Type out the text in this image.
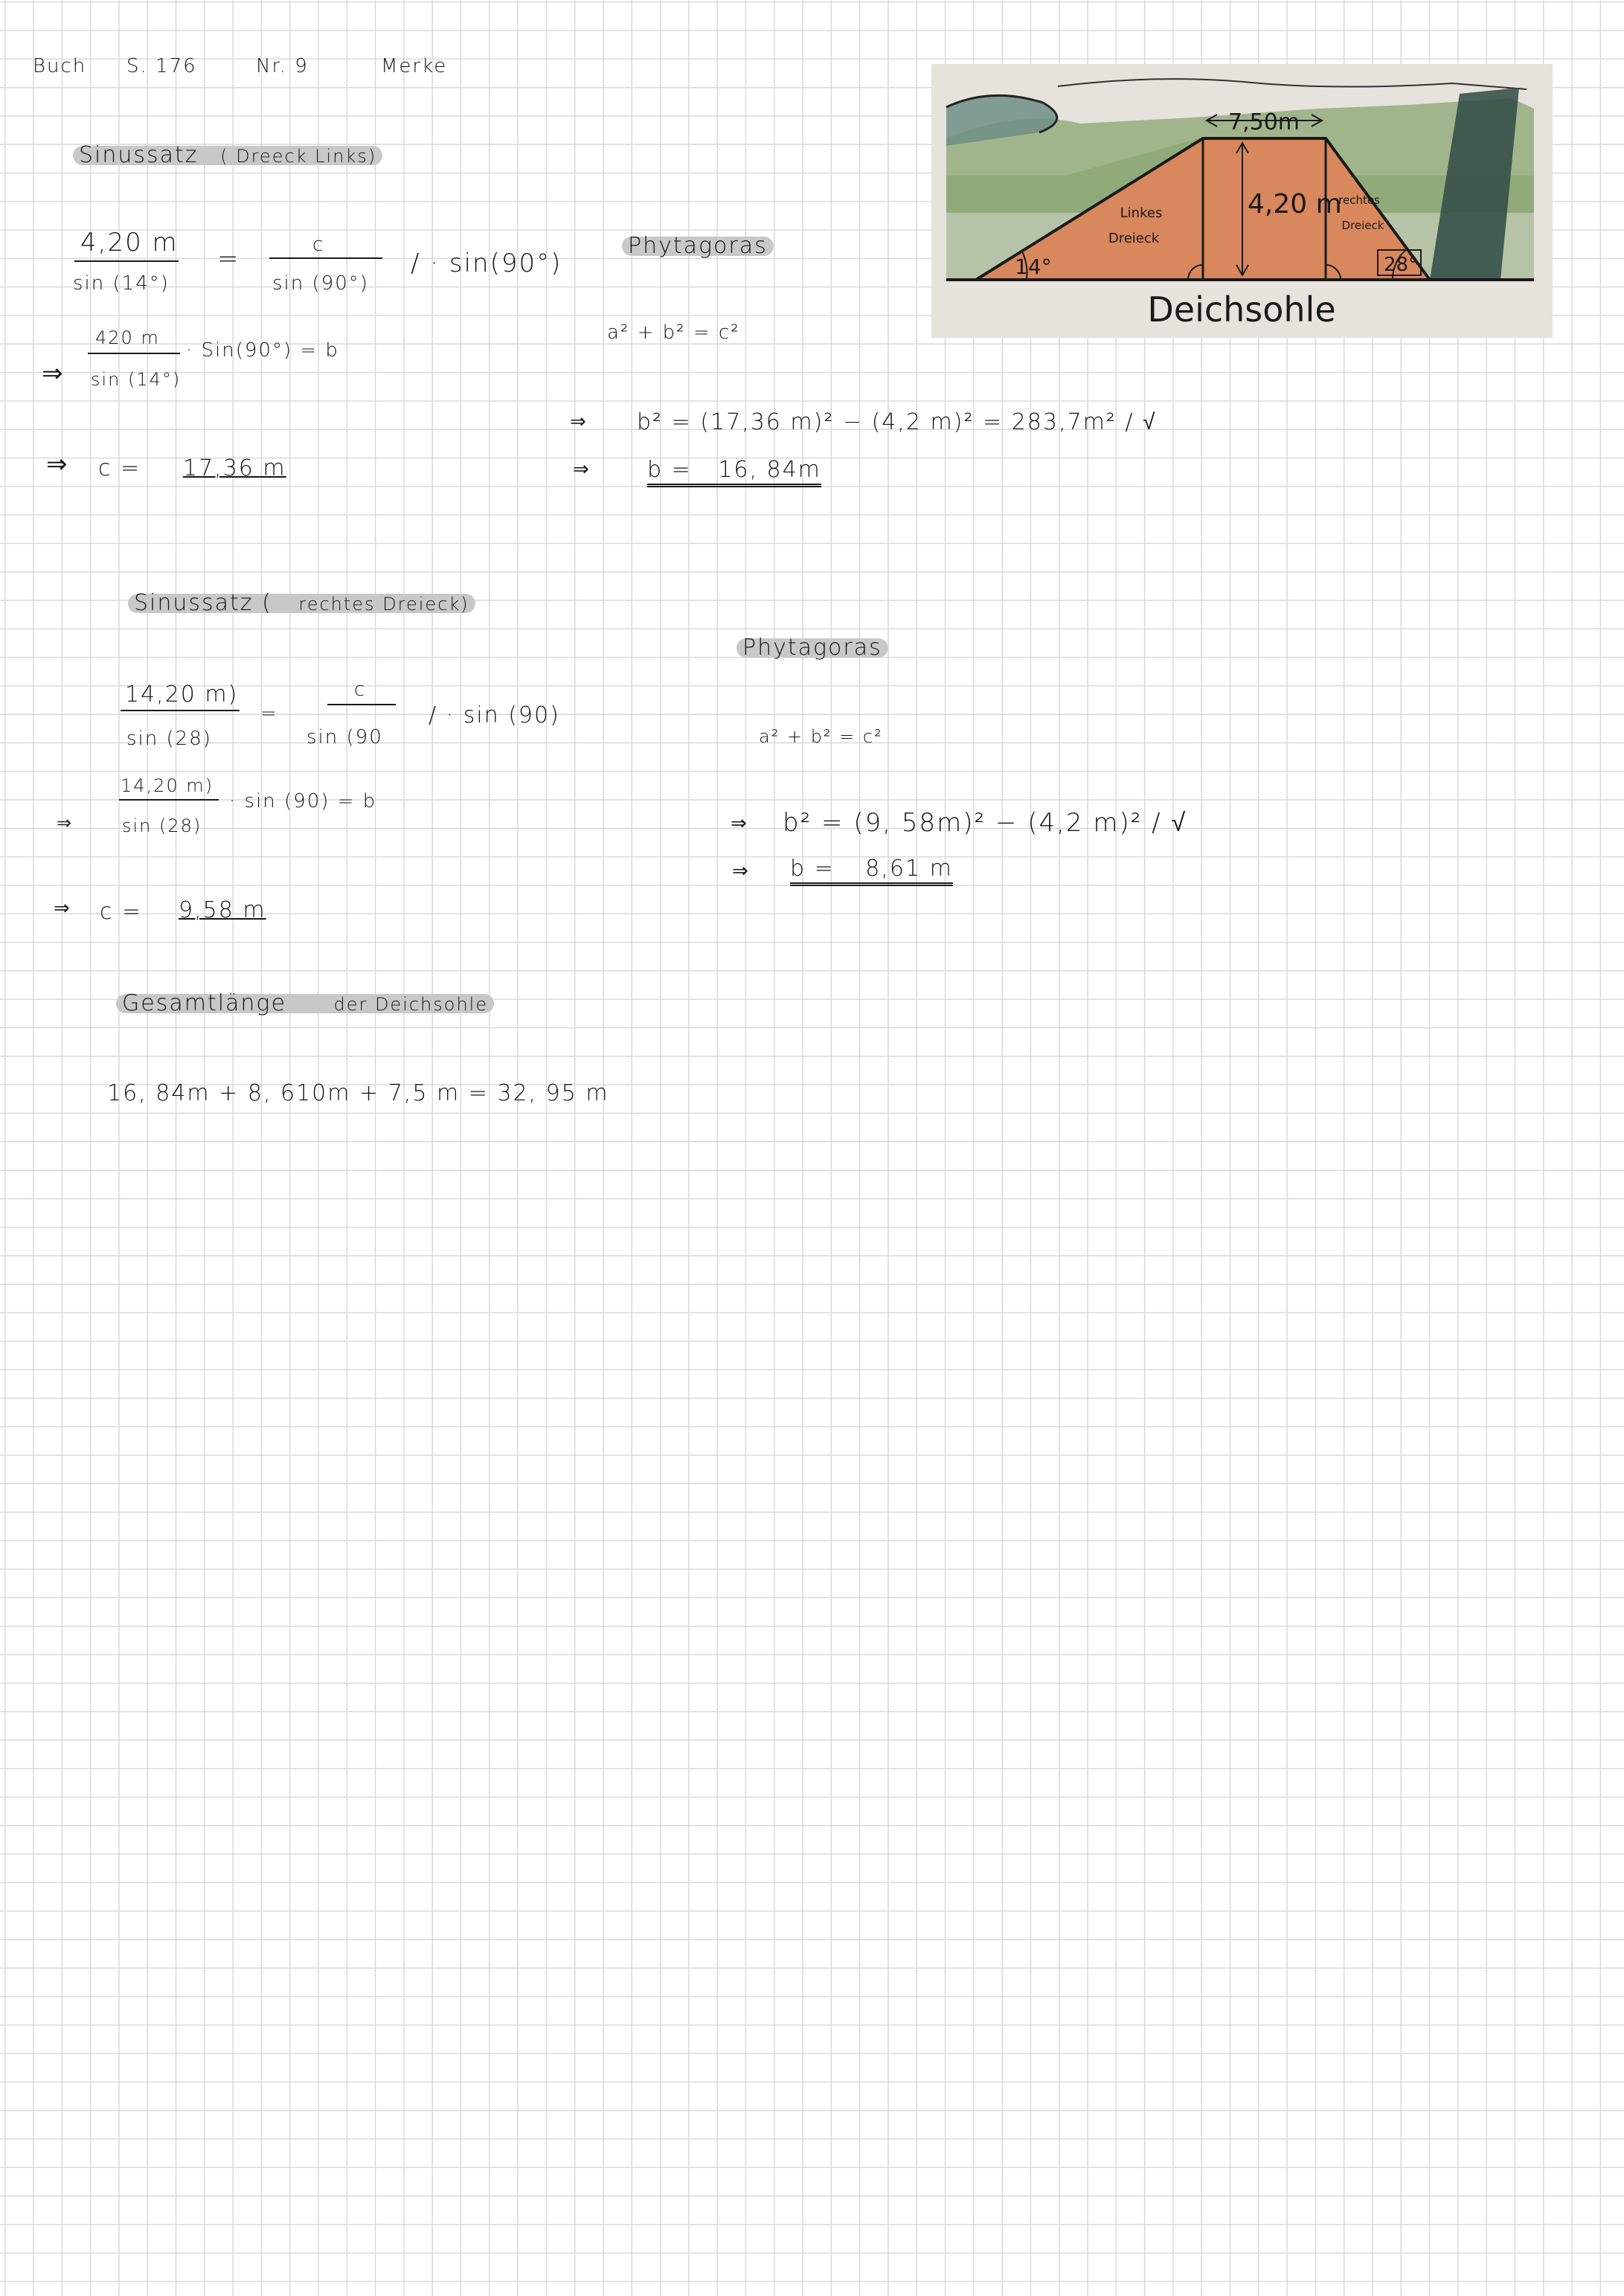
Buch S. 176	Nr. 9	Merke
Sinussatz ( Dreeck Links)
4,20 m
sin (14°)
=	c
sin (90°)
/ · sin(90°)
420 m
⇒ sin (14°)
· Sin(90°) = b
⇒ c = 17,36 m
Phytagoras
a² + b² = c²
⇒ b² = (17,36 m)² − (4,2 m)² = 283,7m² / √
⇒	b = 16, 84m
7,50m
4,20 m
Linkes
Dreieck
rechtes
Dreieck
14°	28°
Deichsohle
Sinussatz ( rechtes Dreieck)
14,20 m)
sin (28)
=
c
sin (90
/ · sin (90)
14,20 m)
⇒	sin (28)
· sin (90) = b
⇒ c = 9,58 m
Phytagoras
a² + b² = c²
⇒ b² = (9, 58m)² − (4,2 m)² / √
⇒ b = 8,61 m
Gesamtlänge	der Deichsohle
16, 84m + 8, 610m + 7,5 m = 32, 95 m
